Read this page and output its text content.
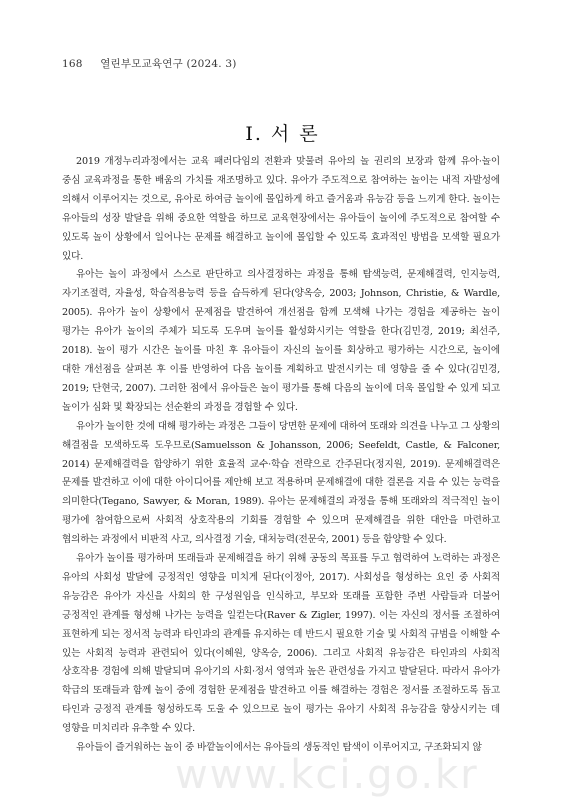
168 열린부모교육연구 (2024. 3)
Ⅰ. 서 론
www.kci.go.kr

2019 개정누리과정에서는 교육 패러다임의 전환과 맞물려 유아의 놀 권리의 보장과 함께 유아·놀이 중심 교육과정을 통한 배움의 가치를 재조명하고 있다. 유아가 주도적으로 참여하는 놀이는 내적 자발성에 의해서 이루어지는 것으로, 유아로 하여금 놀이에 몰입하게 하고 즐거움과 유능감 등을 느끼게 한다. 놀이는 유아들의 성장 발달을 위해 중요한 역할을 하므로 교육현장에서는 유아들이 놀이에 주도적으로 참여할 수 있도록 놀이 상황에서 일어나는 문제를 해결하고 놀이에 몰입할 수 있도록 효과적인 방법을 모색할 필요가 있다.

유아는 놀이 과정에서 스스로 판단하고 의사결정하는 과정을 통해 탐색능력, 문제해결력, 인지능력, 자기조절력, 자율성, 학습적용능력 등을 습득하게 된다(양옥승, 2003; Johnson, Christie, & Wardle, 2005). 유아가 놀이 상황에서 문제점을 발견하여 개선점을 함께 모색해 나가는 경험을 제공하는 놀이 평가는 유아가 놀이의 주체가 되도록 도우며 놀이를 활성화시키는 역할을 한다(김민경, 2019; 최선주, 2018). 놀이 평가 시간은 놀이를 마친 후 유아들이 자신의 놀이를 회상하고 평가하는 시간으로, 놀이에 대한 개선점을 살펴본 후 이를 반영하여 다음 놀이를 계획하고 발전시키는 데 영향을 줄 수 있다(김민경, 2019; 단현국, 2007). 그러한 점에서 유아들은 놀이 평가를 통해 다음의 놀이에 더욱 몰입할 수 있게 되고 놀이가 심화 및 확장되는 선순환의 과정을 경험할 수 있다.

유아가 놀이한 것에 대해 평가하는 과정은 그들이 당면한 문제에 대하여 또래와 의견을 나누고 그 상황의 해결점을 모색하도록 도우므로(Samuelsson & Johansson, 2006; Seefeldt, Castle, & Falconer, 2014) 문제해결력을 함양하기 위한 효율적 교수·학습 전략으로 간주된다(정지원, 2019). 문제해결력은 문제를 발견하고 이에 대한 아이디어를 제안해 보고 적용하며 문제해결에 대한 결론을 지을 수 있는 능력을 의미한다(Tegano, Sawyer, & Moran, 1989). 유아는 문제해결의 과정을 통해 또래와의 적극적인 놀이 평가에 참여함으로써 사회적 상호작용의 기회를 경험할 수 있으며 문제해결을 위한 대안을 마련하고 협의하는 과정에서 비판적 사고, 의사결정 기술, 대처능력(전문숙, 2001) 등을 함양할 수 있다.

유아가 놀이를 평가하며 또래들과 문제해결을 하기 위해 공동의 목표를 두고 협력하여 노력하는 과정은 유아의 사회성 발달에 긍정적인 영향을 미치게 된다(이정아, 2017). 사회성을 형성하는 요인 중 사회적 유능감은 유아가 자신을 사회의 한 구성원임을 인식하고, 부모와 또래를 포함한 주변 사람들과 더불어 긍정적인 관계를 형성해 나가는 능력을 일컫는다(Raver & Zigler, 1997). 이는 자신의 정서를 조절하여 표현하게 되는 정서적 능력과 타인과의 관계를 유지하는 데 반드시 필요한 기술 및 사회적 규범을 이해할 수 있는 사회적 능력과 관련되어 있다(이혜원, 양옥승, 2006). 그리고 사회적 유능감은 타인과의 사회적 상호작용 경험에 의해 발달되며 유아기의 사회·정서 영역과 높은 관련성을 가지고 발달된다. 따라서 유아가 학급의 또래들과 함께 놀이 중에 경험한 문제점을 발견하고 이를 해결하는 경험은 정서를 조절하도록 돕고 타인과 긍정적 관계를 형성하도록 도울 수 있으므로 놀이 평가는 유아기 사회적 유능감을 향상시키는 데 영향을 미치리라 유추할 수 있다.

유아들이 즐거워하는 놀이 중 바깥놀이에서는 유아들의 생동적인 탐색이 이루어지고, 구조화되지 않
